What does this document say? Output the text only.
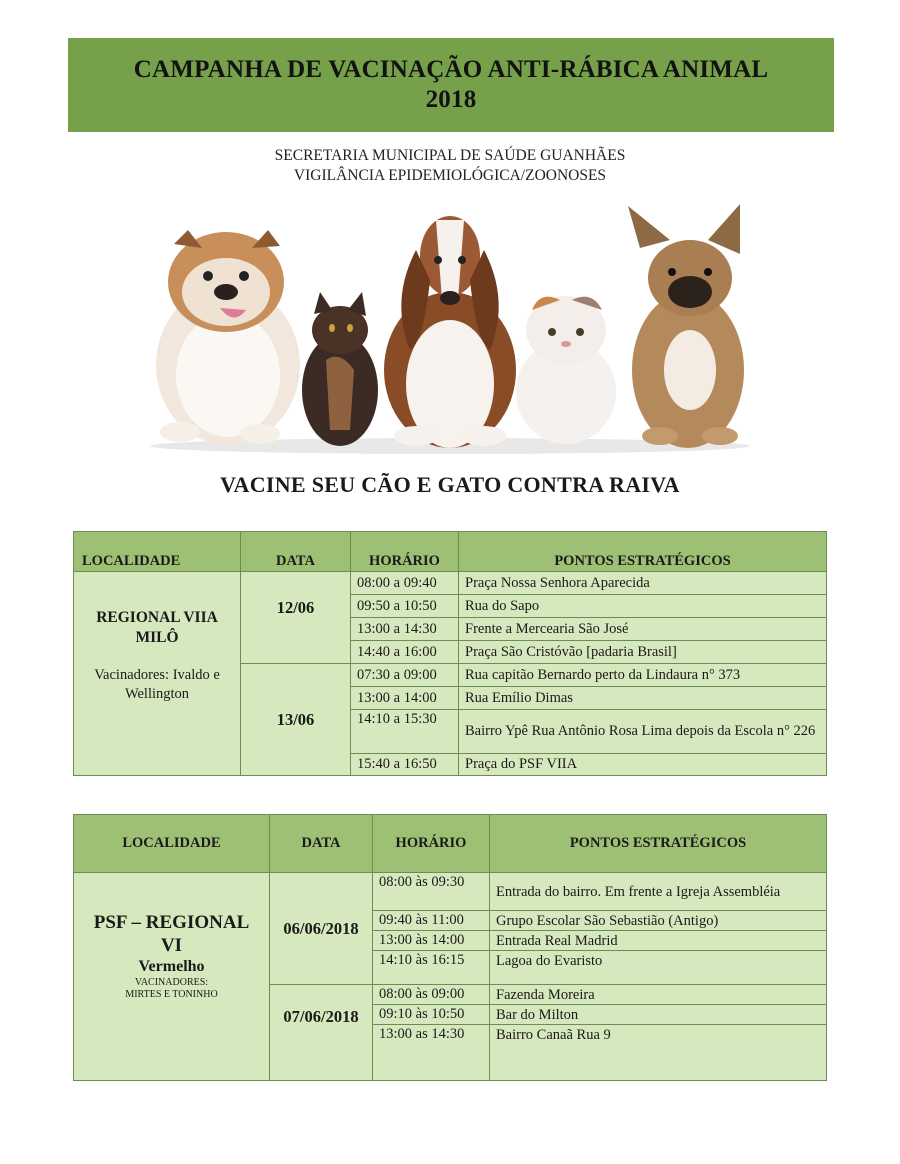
CAMPANHA DE VACINAÇÃO ANTI-RÁBICA ANIMAL
2018
SECRETARIA MUNICIPAL DE SAÚDE GUANHÃES
VIGILÂNCIA EPIDEMIOLÓGICA/ZOONOSES
VACINE SEU CÃO E GATO CONTRA RAIVA
LOCALIDADE	DATA	HORÁRIO	PONTOS ESTRATÉGICOS

REGIONAL VIIA
MILÔ
Vacinadores: Ivaldo e
Wellington	12/06	08:00 a 09:40	Praça Nossa Senhora Aparecida
		09:50 a 10:50	Rua do Sapo
		13:00 a 14:30	Frente a Mercearia São José
		14:40 a 16:00	Praça São Cristóvão [padaria Brasil]
	13/06	07:30 a 09:00	Rua capitão Bernardo perto da Lindaura n° 373
		13:00 a 14:00	Rua Emílio Dimas
		14:10 a 15:30	Bairro Ypê Rua Antônio Rosa Lima depois da Escola n° 226
		15:40 a 16:50	Praça do PSF VIIA
LOCALIDADE	DATA	HORÁRIO	PONTOS ESTRATÉGICOS

PSF – REGIONAL
VI
Vermelho
VACINADORES:
MIRTES E TONINHO	06/06/2018	08:00 às 09:30	Entrada do bairro. Em frente a Igreja Assembléia
		09:40 às 11:00	Grupo Escolar São Sebastião (Antigo)
		13:00 às 14:00	Entrada Real Madrid
		14:10 às 16:15	Lagoa do Evaristo
	07/06/2018	08:00 às 09:00	Fazenda Moreira
		09:10 às 10:50	Bar do Milton
		13:00 as 14:30	Bairro Canaã Rua 9
